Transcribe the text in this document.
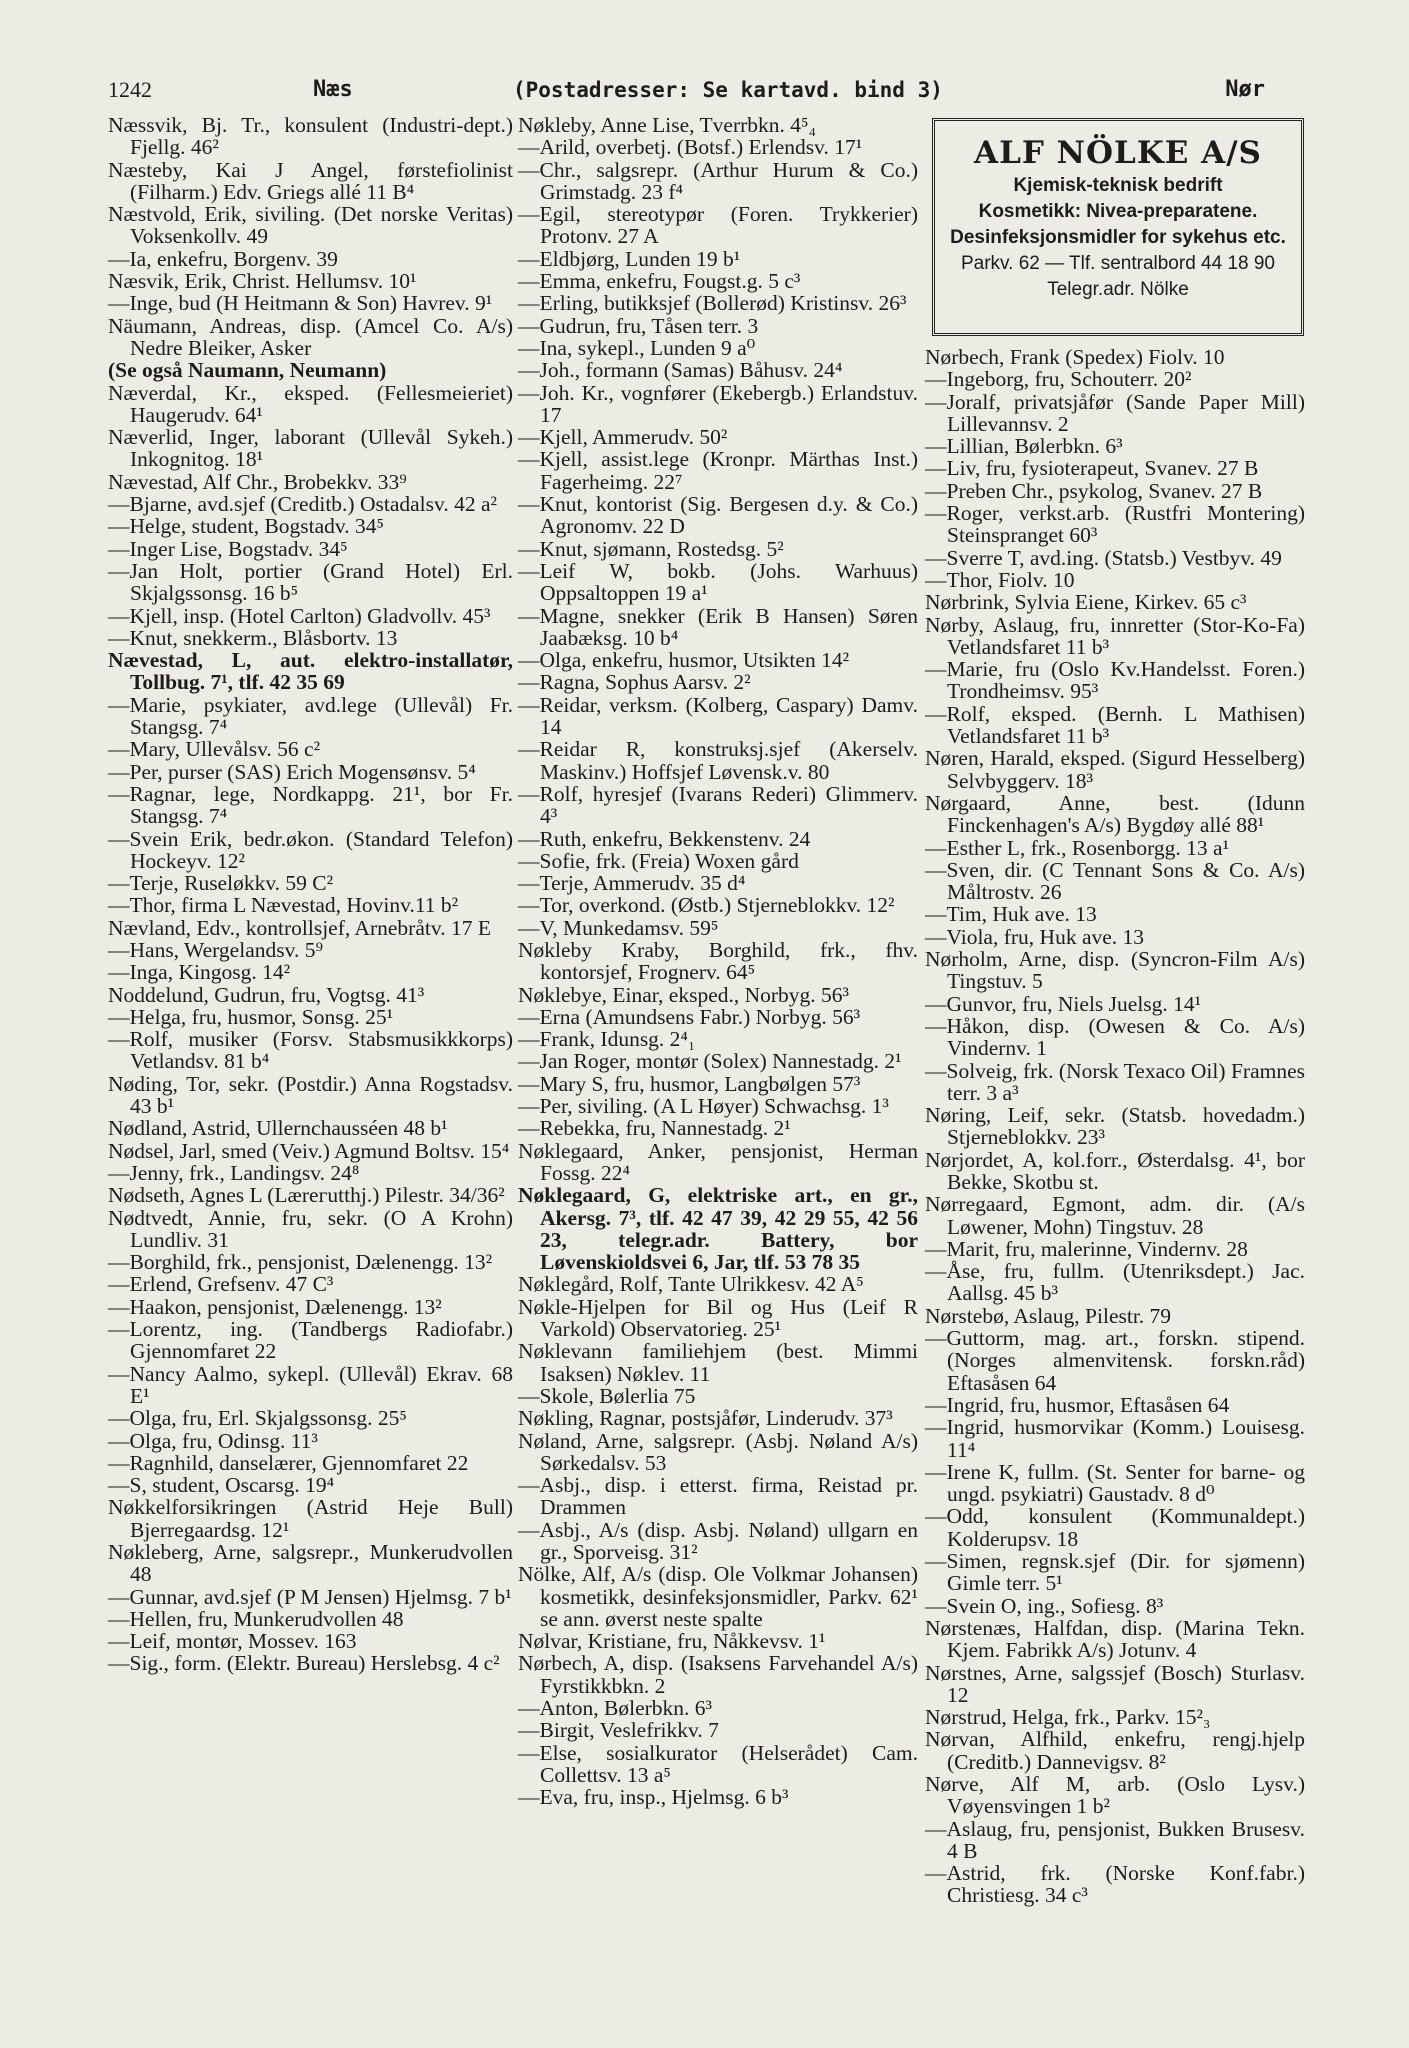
1242	Næs	(Postadresser: Se kartavd. bind 3)	Nør
Næssvik, Bj. Tr., konsulent (Industri-dept.) Fjellg. 46²
Næsteby, Kai J Angel, førstefiolinist (Filharm.) Edv. Griegs allé 11 B⁴
Næstvold, Erik, siviling. (Det norske Veritas) Voksenkollv. 49
—Ia, enkefru, Borgenv. 39
Næsvik, Erik, Christ. Hellumsv. 10¹
—Inge, bud (H Heitmann & Son) Havrev. 9¹
Näumann, Andreas, disp. (Amcel Co. A/s) Nedre Bleiker, Asker
(Se også Naumann, Neumann)
Næverdal, Kr., eksped. (Fellesmeieriet) Haugerudv. 64¹
Næverlid, Inger, laborant (Ullevål Sykeh.) Inkognitog. 18¹
Nævestad, Alf Chr., Brobekkv. 33⁹
—Bjarne, avd.sjef (Creditb.) Ostadalsv. 42 a²
—Helge, student, Bogstadv. 34⁵
—Inger Lise, Bogstadv. 34⁵
—Jan Holt, portier (Grand Hotel) Erl. Skjalgssonsg. 16 b⁵
—Kjell, insp. (Hotel Carlton) Gladvollv. 45³
—Knut, snekkerm., Blåsbortv. 13
Nævestad, L, aut. elektro-installatør, Tollbug. 7¹, tlf. 42 35 69
—Marie, psykiater, avd.lege (Ullevål) Fr. Stangsg. 7⁴
—Mary, Ullevålsv. 56 c²
—Per, purser (SAS) Erich Mogensønsv. 5⁴
—Ragnar, lege, Nordkappg. 21¹, bor Fr. Stangsg. 7⁴
—Svein Erik, bedr.økon. (Standard Telefon) Hockeyv. 12²
—Terje, Ruseløkkv. 59 C²
—Thor, firma L Nævestad, Hovinv.11 b²
Nævland, Edv., kontrollsjef, Arnebråtv. 17 E
—Hans, Wergelandsv. 5⁹
—Inga, Kingosg. 14²
Noddelund, Gudrun, fru, Vogtsg. 41³
—Helga, fru, husmor, Sonsg. 25¹
—Rolf, musiker (Forsv. Stabsmusikkkorps) Vetlandsv. 81 b⁴
Nøding, Tor, sekr. (Postdir.) Anna Rogstadsv. 43 b¹
Nødland, Astrid, Ullernchausséen 48 b¹
Nødsel, Jarl, smed (Veiv.) Agmund Boltsv. 15⁴
—Jenny, frk., Landingsv. 24⁸
Nødseth, Agnes L (Lærегutthj.) Pilestr. 34/36²
Nødtvedt, Annie, fru, sekr. (O A Krohn) Lundliv. 31
—Borghild, frk., pensjonist, Dælenengg. 13²
—Erlend, Grefsenv. 47 C³
—Haakon, pensjonist, Dælenengg. 13²
—Lorentz, ing. (Tandbergs Radiofabr.) Gjennomfaret 22
—Nancy Aalmo, sykepl. (Ullevål) Ekrav. 68 E¹
—Olga, fru, Erl. Skjalgssonsg. 25⁵
—Olga, fru, Odinsg. 11³
—Ragnhild, danselærer, Gjennomfaret 22
—S, student, Oscarsg. 19⁴
Nøkkelforsikringen (Astrid Heje Bull) Bjerregaardsg. 12¹
Nøkleberg, Arne, salgsrepr., Munkerudvollen 48
—Gunnar, avd.sjef (P M Jensen) Hjelmsg. 7 b¹
—Hellen, fru, Munkerudvollen 48
—Leif, montør, Mossev. 163
—Sig., form. (Elektr. Bureau) Herslebsg. 4 c²
Nøkleby, Anne Lise, Tverrbkn. 4⁵₄
—Arild, overbetj. (Botsf.) Erlendsv. 17¹
—Chr., salgsrepr. (Arthur Hurum & Co.) Grimstadg. 23 f⁴
—Egil, stereotypør (Foren. Trykkerier) Protonv. 27 A
—Eldbjørg, Lunden 19 b¹
—Emma, enkefru, Fougst.g. 5 c³
—Erling, butikksjef (Bollerød) Kristinsv. 26³
—Gudrun, fru, Tåsen terr. 3
—Ina, sykepl., Lunden 9 a⁰
—Joh., formann (Samas) Båhusv. 24⁴
—Joh. Kr., vognfører (Ekebergb.) Erlandstuv. 17
—Kjell, Ammerudv. 50²
—Kjell, assist.lege (Kronpr. Märthas Inst.) Fagerheimg. 22⁷
—Knut, kontorist (Sig. Bergesen d.y. & Co.) Agronomv. 22 D
—Knut, sjømann, Rostedsg. 5²
—Leif W, bokb. (Johs. Warhuus) Oppsaltoppen 19 a¹
—Magne, snekker (Erik B Hansen) Søren Jaabæksg. 10 b⁴
—Olga, enkefru, husmor, Utsikten 14²
—Ragna, Sophus Aarsv. 2²
—Reidar, verksm. (Kolberg, Caspary) Damv. 14
—Reidar R, konstruksj.sjef (Akerselv. Maskinv.) Hoffsjef Løvensk.v. 80
—Rolf, hyresjef (Ivarans Rederi) Glimmerv. 4³
—Ruth, enkefru, Bekkenstenv. 24
—Sofie, frk. (Freia) Woxen gård
—Terje, Ammerudv. 35 d⁴
—Tor, overkond. (Østb.) Stjerneblokkv. 12²
—V, Munkedamsv. 59⁵
Nøkleby Kraby, Borghild, frk., fhv. kontorsjef, Frognerv. 64⁵
Nøklebye, Einar, eksped., Norbyg. 56³
—Erna (Amundsens Fabr.) Norbyg. 56³
—Frank, Idunsg. 2⁴₁
—Jan Roger, montør (Solex) Nannestadg. 2¹
—Mary S, fru, husmor, Langbølgen 57³
—Per, siviling. (A L Høyer) Schwachsg. 1³
—Rebekka, fru, Nannestadg. 2¹
Nøklegaard, Anker, pensjonist, Herman Fossg. 22⁴
Nøklegaard, G, elektriske art., en gr., Akersg. 7³, tlf. 42 47 39, 42 29 55, 42 56 23, telegr.adr. Battery, bor Løvenskioldsvei 6, Jar, tlf. 53 78 35
Nøklegård, Rolf, Tante Ulrikkesv. 42 A⁵
Nøkle-Hjelpen for Bil og Hus (Leif R Varkold) Observatorieg. 25¹
Nøklevann familiehjem (best. Mimmi Isaksen) Nøklev. 11
—Skole, Bølerlia 75
Nøkling, Ragnar, postsjåfør, Linderudv. 37³
Nøland, Arne, salgsrepr. (Asbj. Nøland A/s) Sørkedalsv. 53
—Asbj., disp. i etterst. firma, Reistad pr. Drammen
—Asbj., A/s (disp. Asbj. Nøland) ullgarn en gr., Sporveisg. 31²
Nölke, Alf, A/s (disp. Ole Volkmar Johansen) kosmetikk, desinfeksjonsmidler, Parkv. 62¹ se ann. øverst neste spalte
Nølvar, Kristiane, fru, Nåkkevsv. 1¹
Nørbech, A, disp. (Isaksens Farvehandel A/s) Fyrstikkbkn. 2
—Anton, Bølerbkn. 6³
—Birgit, Veslefrikkv. 7
—Else, sosialkurator (Helserådet) Cam. Collettsv. 13 a⁵
—Eva, fru, insp., Hjelmsg. 6 b³
ALF NÖLKE A/S
Kjemisk-teknisk bedrift
Kosmetikk: Nivea-preparatene.
Desinfeksjonsmidler for sykehus etc.
Parkv. 62 — Tlf. sentralbord 44 18 90
Telegr.adr. Nölke
Nørbech, Frank (Spedex) Fiolv. 10
—Ingeborg, fru, Schouterr. 20²
—Joralf, privatsjåfør (Sande Paper Mill) Lillevannsv. 2
—Lillian, Bølerbkn. 6³
—Liv, fru, fysioterapeut, Svanev. 27 B
—Preben Chr., psykolog, Svanev. 27 B
—Roger, verkst.arb. (Rustfri Montering) Steinspranget 60³
—Sverre T, avd.ing. (Statsb.) Vestbyv. 49
—Thor, Fiolv. 10
Nørbrink, Sylvia Eiene, Kirkev. 65 c³
Nørby, Aslaug, fru, innretter (Stor-Ko-Fa) Vetlandsfaret 11 b³
—Marie, fru (Oslo Kv.Handelsst. Foren.) Trondheimsv. 95³
—Rolf, eksped. (Bernh. L Mathisen) Vetlandsfaret 11 b³
Nøren, Harald, eksped. (Sigurd Hesselberg) Selvbyggerv. 18³
Nørgaard, Anne, best. (Idunn Finckenhagen's A/s) Bygdøy allé 88¹
—Esther L, frk., Rosenborgg. 13 a¹
—Sven, dir. (C Tennant Sons & Co. A/s) Måltrostv. 26
—Tim, Huk ave. 13
—Viola, fru, Huk ave. 13
Nørholm, Arne, disp. (Syncron-Film A/s) Tingstuv. 5
—Gunvor, fru, Niels Juelsg. 14¹
—Håkon, disp. (Owesen & Co. A/s) Vindernv. 1
—Solveig, frk. (Norsk Texaco Oil) Framnes terr. 3 a³
Nøring, Leif, sekr. (Statsb. hovedadm.) Stjerneblokkv. 23³
Nørjordet, A, kol.forr., Østerdalsg. 4¹, bor Bekke, Skotbu st.
Nørregaard, Egmont, adm. dir. (A/s Løwener, Mohn) Tingstuv. 28
—Marit, fru, malerinne, Vindernv. 28
—Åse, fru, fullm. (Utenriksdept.) Jac. Aallsg. 45 b³
Nørstebø, Aslaug, Pilestr. 79
—Guttorm, mag. art., forskn. stipend. (Norges almenvitensk. forskn.råd) Eftasåsen 64
—Ingrid, fru, husmor, Eftasåsen 64
—Ingrid, husmorvikar (Komm.) Louisesg. 11⁴
—Irene K, fullm. (St. Senter for barne- og ungd. psykiatri) Gaustadv. 8 d⁰
—Odd, konsulent (Kommunaldept.) Kolderupsv. 18
—Simen, regnsk.sjef (Dir. for sjømenn) Gimle terr. 5¹
—Svein O, ing., Sofiesg. 8³
Nørstenæs, Halfdan, disp. (Marina Tekn. Kjem. Fabrikk A/s) Jotunv. 4
Nørstnes, Arne, salgssjef (Bosch) Sturlasv. 12
Nørstrud, Helga, frk., Parkv. 15²₃
Nørvan, Alfhild, enkefru, rengj.hjelp (Creditb.) Dannevigsv. 8²
Nørve, Alf M, arb. (Oslo Lysv.) Vøyensvingen 1 b²
—Aslaug, fru, pensjonist, Bukken Brusesv. 4 B
—Astrid, frk. (Norske Konf.fabr.) Christiesg. 34 c³
